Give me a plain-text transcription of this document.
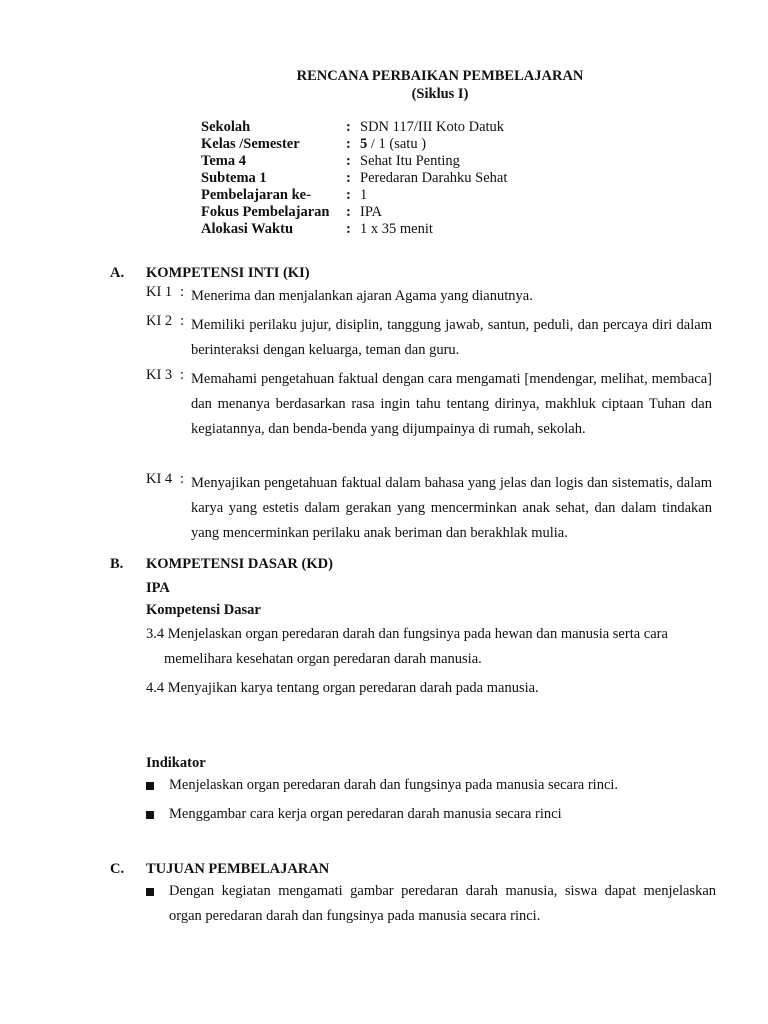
RENCANA PERBAIKAN PEMBELAJARAN
(Siklus I)
Sekolah	: SDN 117/III Koto Datuk
Kelas /Semester	: 5 / 1 (satu )
Tema 4	: Sehat Itu Penting
Subtema 1	: Peredaran Darahku Sehat
Pembelajaran ke- : 1
Fokus Pembelajaran : IPA
Alokasi Waktu	: 1 x 35 menit
A. KOMPETENSI INTI (KI)
KI 1 : Menerima dan menjalankan ajaran Agama yang dianutnya.
KI 2 : Memiliki perilaku jujur, disiplin, tanggung jawab, santun, peduli, dan percaya diri dalam berinteraksi dengan keluarga, teman dan guru.
KI 3 : Memahami pengetahuan faktual dengan cara mengamati [mendengar, melihat, membaca] dan menanya berdasarkan rasa ingin tahu tentang dirinya, makhluk ciptaan Tuhan dan kegiatannya, dan benda-benda yang dijumpainya di rumah, sekolah.
KI 4 : Menyajikan pengetahuan faktual dalam bahasa yang jelas dan logis dan sistematis, dalam karya yang estetis dalam gerakan yang mencerminkan anak sehat, dan dalam tindakan yang mencerminkan perilaku anak beriman dan berakhlak mulia.
B. KOMPETENSI DASAR (KD)
IPA
Kompetensi Dasar
3.4 Menjelaskan organ peredaran darah dan fungsinya pada hewan dan manusia serta cara
memelihara kesehatan organ peredaran darah manusia.
4.4 Menyajikan karya tentang organ peredaran darah pada manusia.
Indikator
Menjelaskan organ peredaran darah dan fungsinya pada manusia secara rinci.
Menggambar cara kerja organ peredaran darah manusia secara rinci
C. TUJUAN PEMBELAJARAN
Dengan kegiatan mengamati gambar peredaran darah manusia, siswa dapat menjelaskan organ peredaran darah dan fungsinya pada manusia secara rinci.
